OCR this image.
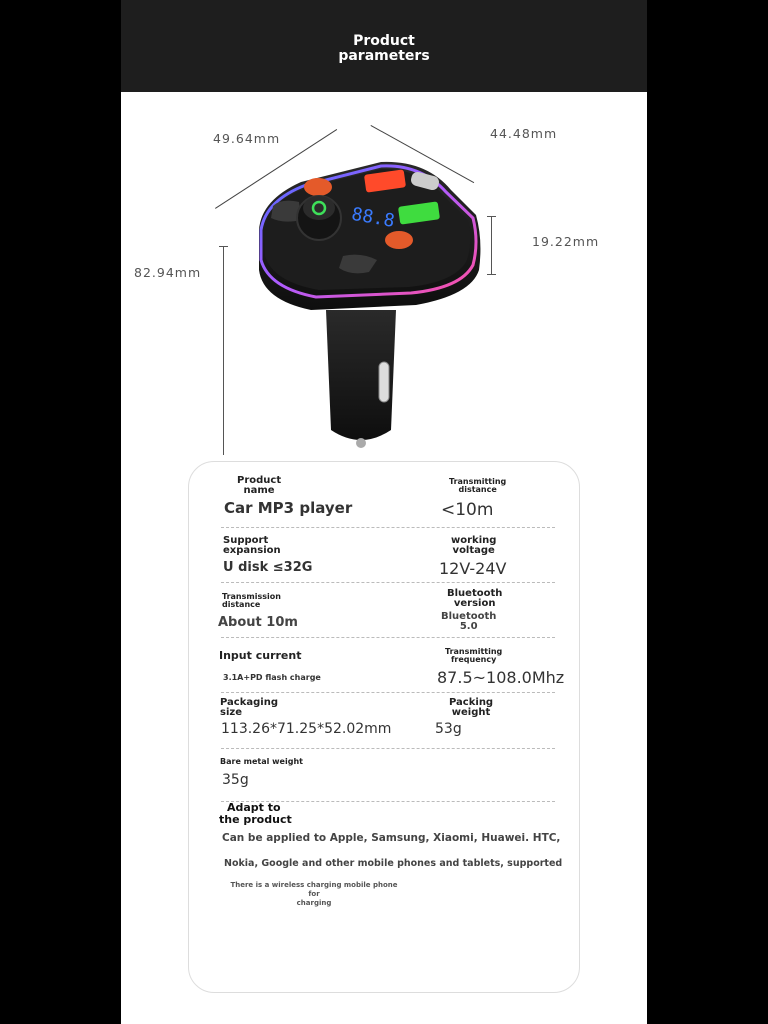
Product
parameters
49.64mm	44.48mm
19.22mm
82.94mm
88.8
Product
name
Car MP3 player
Transmitting
distance
<10m
Support
expansion
U disk ≤32G
working
voltage
12V-24V
Transmission
distance
About 10m
Bluetooth
version
Bluetooth
5.0
Input current
3.1A+PD flash charge
Transmitting
frequency
87.5~108.0Mhz
Packaging
size
113.26*71.25*52.02mm
Packing
weight
53g
Bare metal weight
35g
Adapt to
the product
Can be applied to Apple, Samsung, Xiaomi, Huawei. HTC,
Nokia, Google and other mobile phones and tablets, supported
There is a wireless charging mobile phone for
charging
